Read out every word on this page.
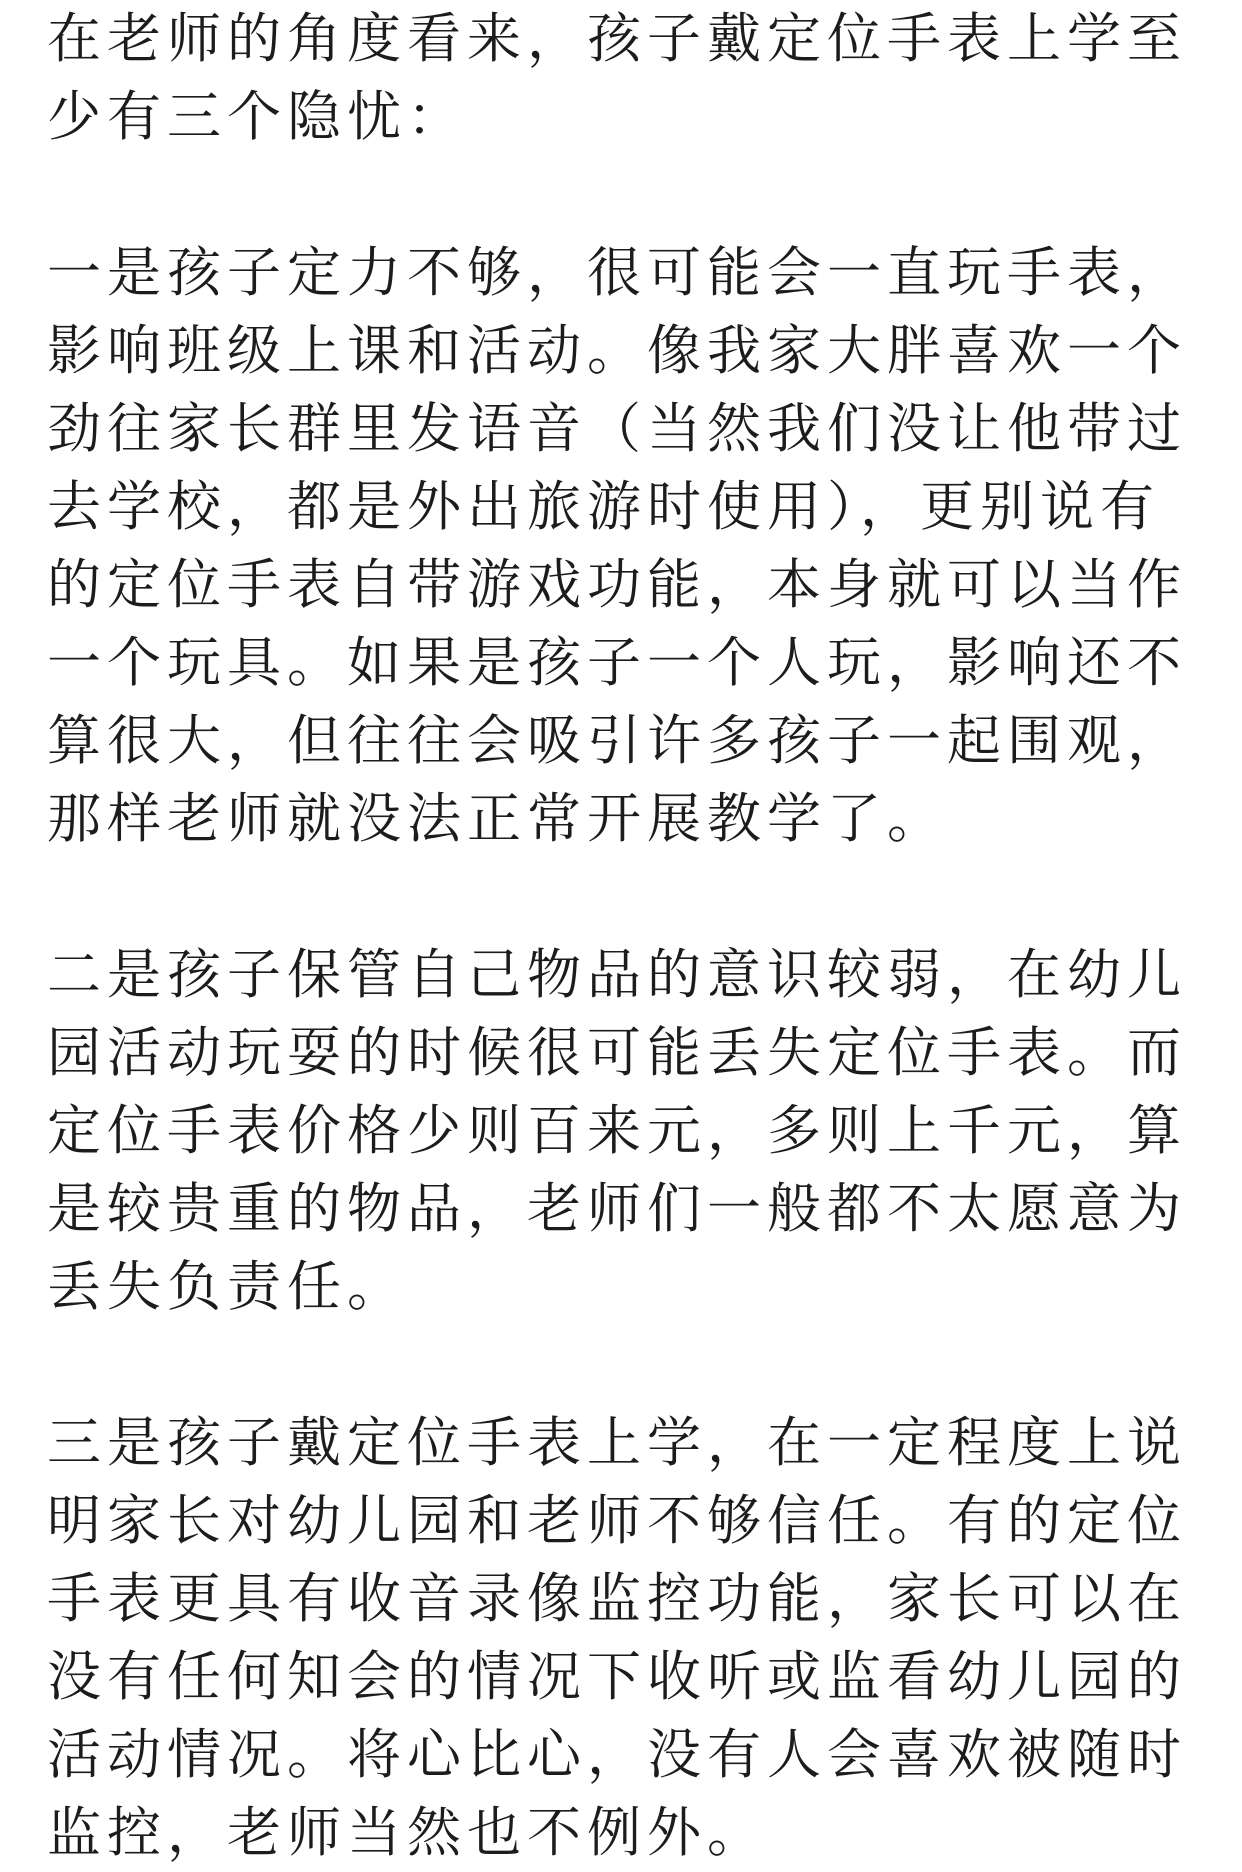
在老师的角度看来，孩子戴定位手表上学至少有三个隐忧：

一是孩子定力不够，很可能会一直玩手表，影响班级上课和活动。像我家大胖喜欢一个劲往家长群里发语音（当然我们没让他带过去学校，都是外出旅游时使用），更别说有的定位手表自带游戏功能，本身就可以当作一个玩具。如果是孩子一个人玩，影响还不算很大，但往往会吸引许多孩子一起围观，那样老师就没法正常开展教学了。

二是孩子保管自己物品的意识较弱，在幼儿园活动玩耍的时候很可能丢失定位手表。而定位手表价格少则百来元，多则上千元，算是较贵重的物品，老师们一般都不太愿意为丢失负责任。

三是孩子戴定位手表上学，在一定程度上说明家长对幼儿园和老师不够信任。有的定位手表更具有收音录像监控功能，家长可以在没有任何知会的情况下收听或监看幼儿园的活动情况。将心比心，没有人会喜欢被随时监控，老师当然也不例外。
